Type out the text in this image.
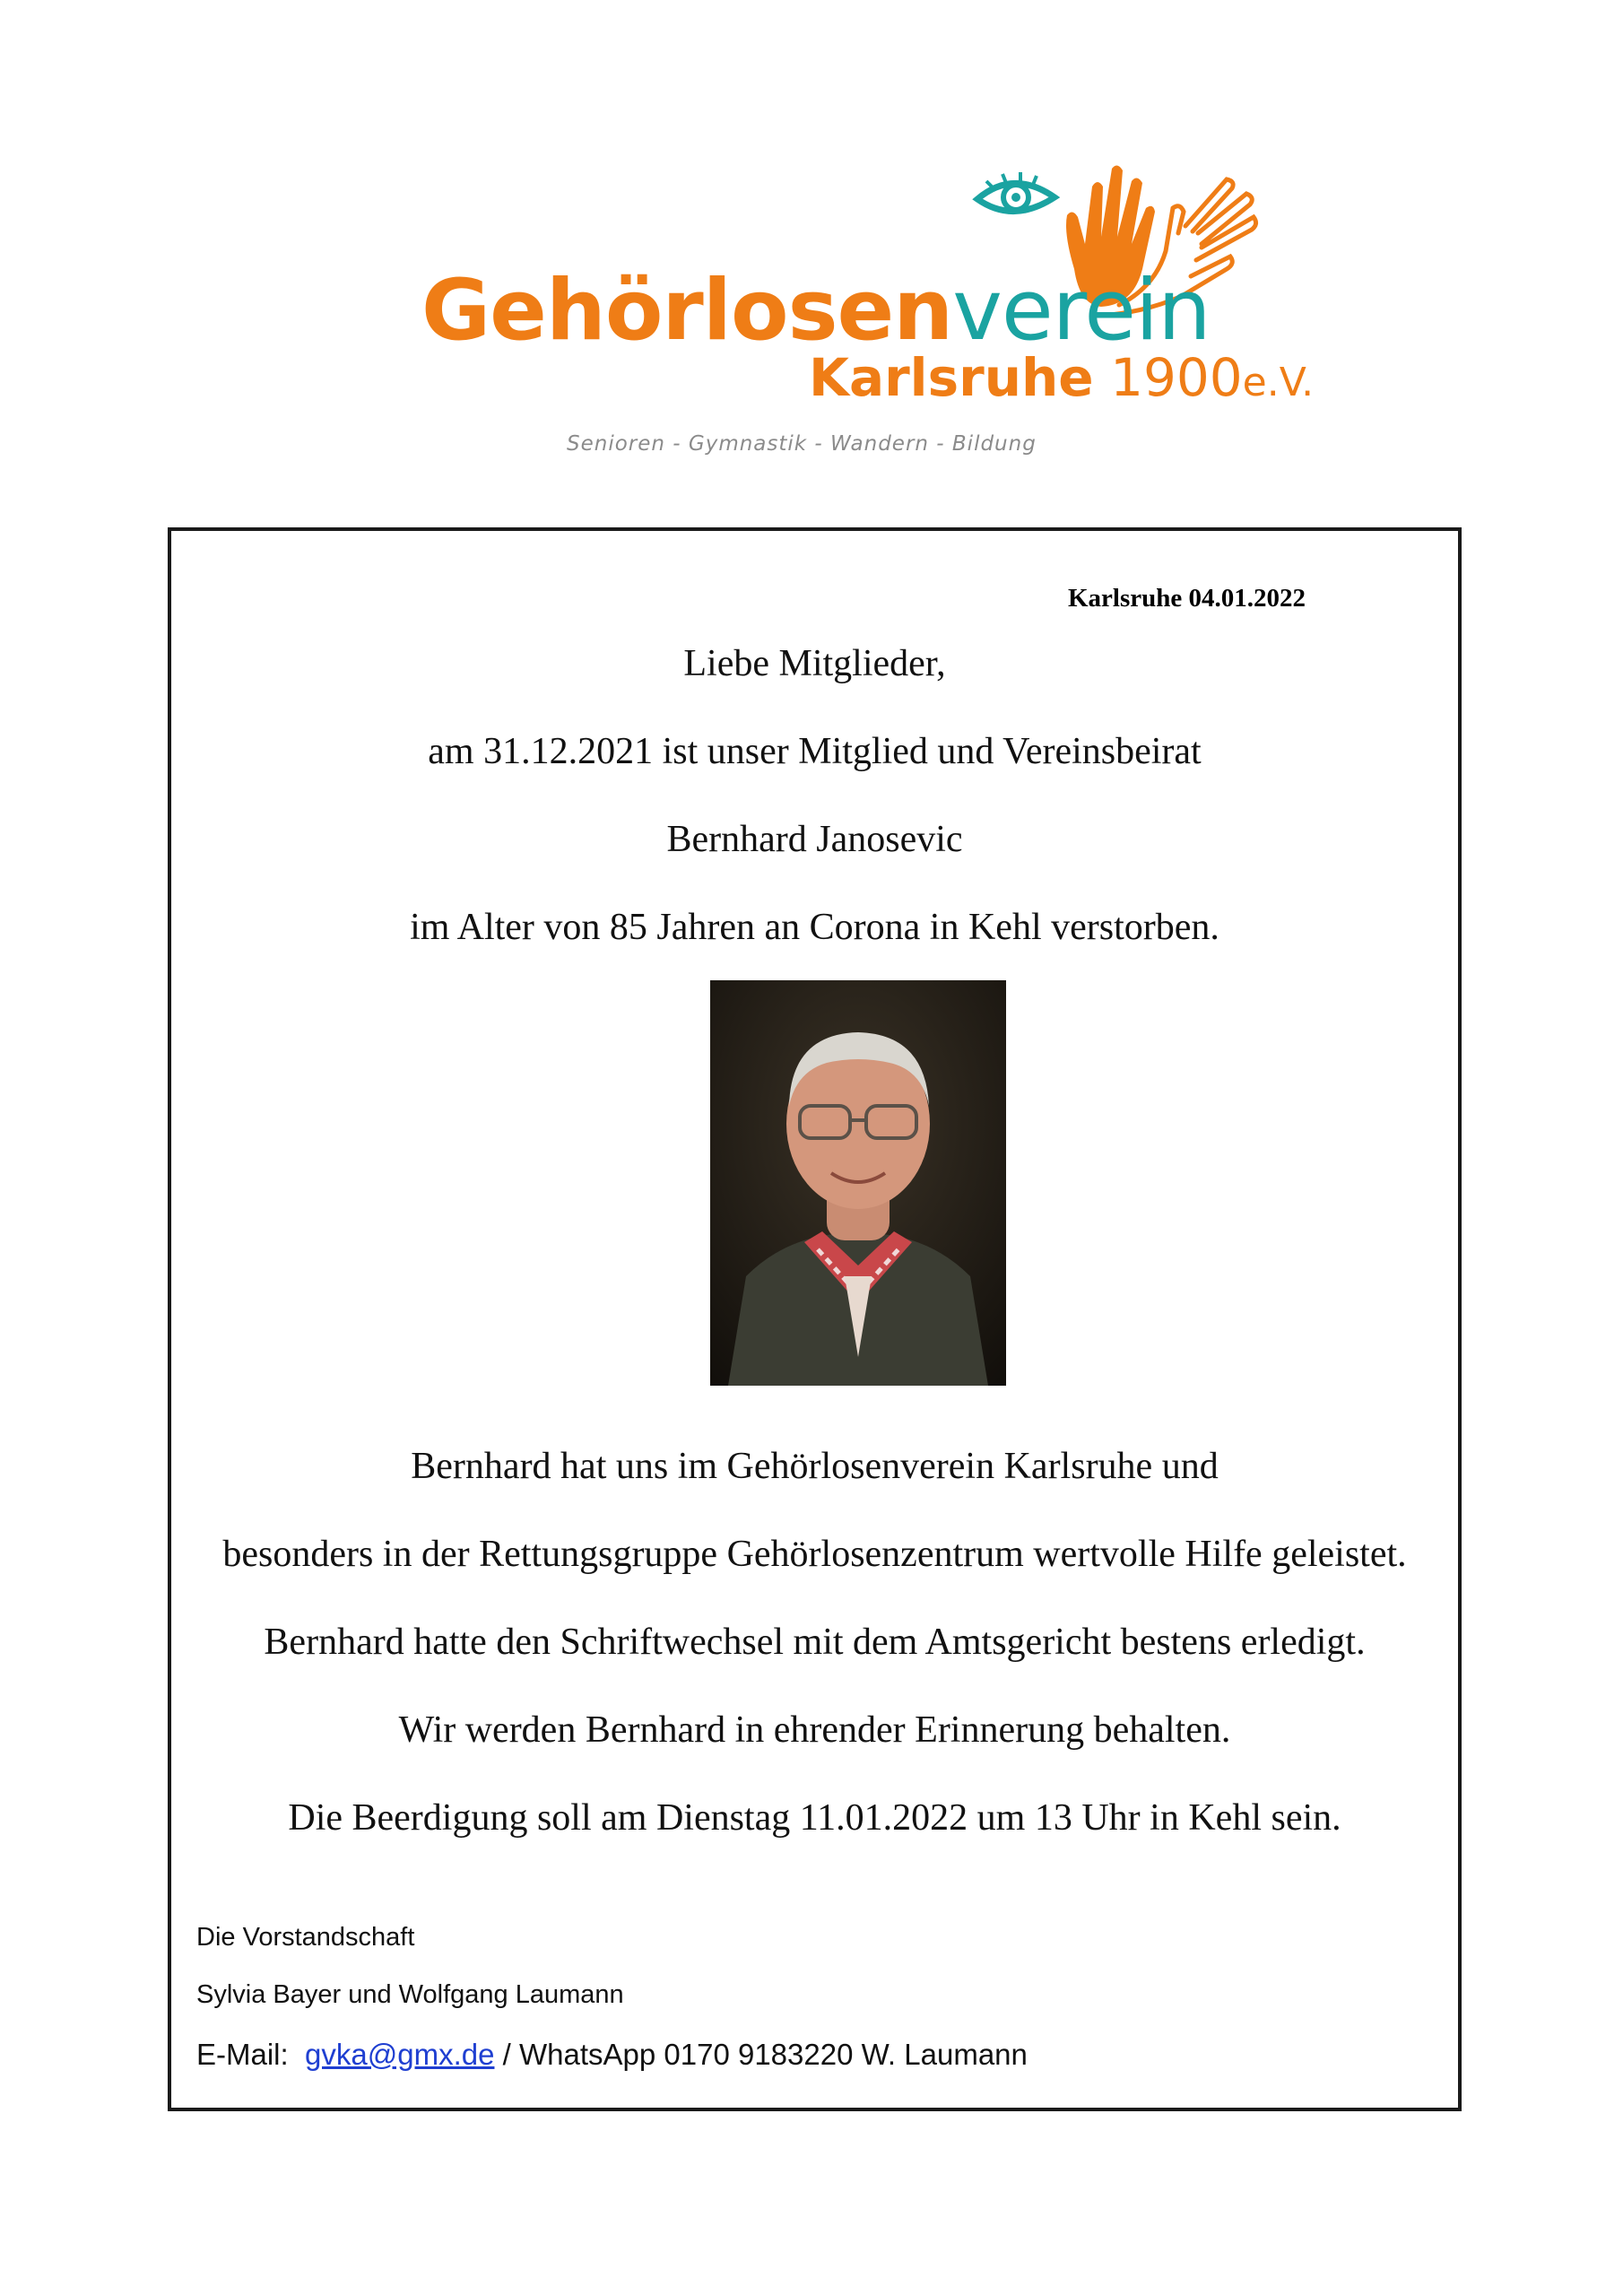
Gehörlosenverein

Karlsruhe 1900e.V.

Senioren - Gymnastik - Wandern - Bildung

Karlsruhe 04.01.2022

Liebe Mitglieder,

am 31.12.2021 ist unser Mitglied und Vereinsbeirat

Bernhard Janosevic

im Alter von 85 Jahren an Corona in Kehl verstorben.

Bernhard hat uns im Gehörlosenverein Karlsruhe und

besonders in der Rettungsgruppe Gehörlosenzentrum wertvolle Hilfe geleistet.

Bernhard hatte den Schriftwechsel mit dem Amtsgericht bestens erledigt.

Wir werden Bernhard in ehrender Erinnerung behalten.

Die Beerdigung soll am Dienstag 11.01.2022 um 13 Uhr in Kehl sein.

Die Vorstandschaft

Sylvia Bayer und Wolfgang Laumann

E-Mail: gvka@gmx.de / WhatsApp 0170 9183220 W. Laumann
